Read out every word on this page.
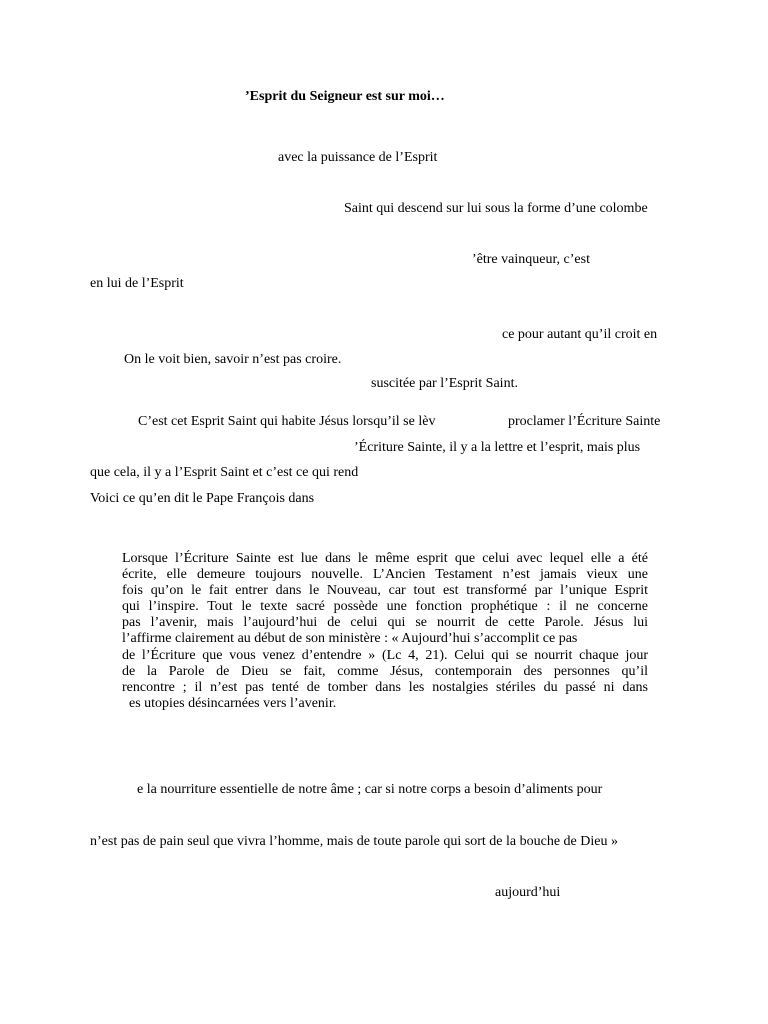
’Esprit du Seigneur est sur moi…
avec la puissance de l’Esprit
Saint qui descend sur lui sous la forme d’une colombe
’être vainqueur, c’est
en lui de l’Esprit
ce pour autant qu’il croit en
On le voit bien, savoir n’est pas croire.
suscitée par l’Esprit Saint.
C’est cet Esprit Saint qui habite Jésus lorsqu’il se lèv	proclamer l’Écriture Sainte
’Écriture Sainte, il y a la lettre et l’esprit, mais plus
que cela, il y a l’Esprit Saint et c’est ce qui rend
Voici ce qu’en dit le Pape François dans
Lorsque l’Écriture Sainte est lue dans le même esprit que celui avec lequel elle a été
écrite, elle demeure toujours nouvelle. L’Ancien Testament n’est jamais vieux une
fois qu’on le fait entrer dans le Nouveau, car tout est transformé par l’unique Esprit
qui l’inspire. Tout le texte sacré possède une fonction prophétique : il ne concerne
pas l’avenir, mais l’aujourd’hui de celui qui se nourrit de cette Parole. Jésus lui
l’affirme clairement au début de son ministère : « Aujourd’hui s’accomplit ce pas
de l’Écriture que vous venez d’entendre » (Lc 4, 21). Celui qui se nourrit chaque jour
de la Parole de Dieu se fait, comme Jésus, contemporain des personnes qu’il
rencontre ; il n’est pas tenté de tomber dans les nostalgies stériles du passé ni dans
es utopies désincarnées vers l’avenir.
e la nourriture essentielle de notre âme ; car si notre corps a besoin d’aliments pour
n’est pas de pain seul que vivra l’homme, mais de toute parole qui sort de la bouche de Dieu »
aujourd’hui
